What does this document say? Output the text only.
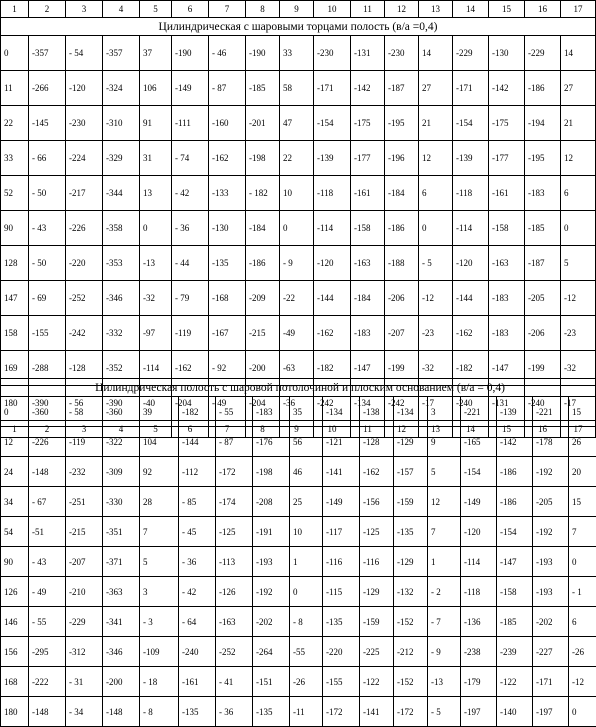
1	2	3	4	5	6	7	8	9	10	11	12	13	14	15	16	17
Цилиндрическая с шаровыми торцами полость (в/а =0,4)																
0	-357	- 54	-357	37	-190	- 46	-190	33	-230	-131	-230	14	-229	-130	-229	14
11	-266	-120	-324	106	-149	- 87	-185	58	-171	-142	-187	27	-171	-142	-186	27
22	-145	-230	-310	91	-111	-160	-201	47	-154	-175	-195	21	-154	-175	-194	21
33	- 66	-224	-329	31	- 74	-162	-198	22	-139	-177	-196	12	-139	-177	-195	12
52	- 50	-217	-344	13	- 42	-133	- 182	10	-118	-161	-184	6	-118	-161	-183	6
90	- 43	-226	-358	0	- 36	-130	-184	0	-114	-158	-186	0	-114	-158	-185	0
128	- 50	-220	-353	-13	- 44	-135	-186	- 9	-120	-163	-188	- 5	-120	-163	-187	5
147	- 69	-252	-346	-32	- 79	-168	-209	-22	-144	-184	-206	-12	-144	-183	-205	-12
158	-155	-242	-332	-97	-119	-167	-215	-49	-162	-183	-207	-23	-162	-183	-206	-23
169	-288	-128	-352	-114	-162	- 92	-200	-63	-182	-147	-199	-32	-182	-147	-199	-32
180	-390	- 56	-390	-40	-204	- 49	-204	-36	-242	-134	-242	-17	-240	-131	-240	-17
1	2	3	4	5	6	7	8	9	10	11	12	13	14	15	16	17
Цилиндрическая полость с шаровой потолочиной и плоским основанием (в/а = 0,4)																
0	-360	- 58	-360	39	-182	- 55	-183	35	-134	-138	-134	3	-221	-139	-221	15
12	-226	-119	-322	104	-144	- 87	-176	56	-121	-128	-129	9	-165	-142	-178	26
24	-148	-232	-309	92	-112	-172	-198	46	-141	-162	-157	5	-154	-186	-192	20
34	- 67	-251	-330	28	- 85	-174	-208	25	-149	-156	-159	12	-149	-186	-205	15
54	-51	-215	-351	7	- 45	-125	-191	10	-117	-125	-135	7	-120	-154	-192	7
90	- 43	-207	-371	5	- 36	-113	-193	1	-116	-116	-129	1	-114	-147	-193	0
126	- 49	-210	-363	3	- 42	-126	-192	0	-115	-129	-132	- 2	-118	-158	-193	- 1
146	- 55	-229	-341	- 3	- 64	-163	-202	- 8	-135	-159	-152	- 7	-136	-185	-202	6
156	-295	-312	-346	-109	-240	-252	-264	-55	-220	-225	-212	- 9	-238	-239	-227	-26
168	-222	- 31	-200	- 18	-161	- 41	-151	-26	-155	-122	-152	-13	-179	-122	-171	-12
180	-148	- 34	-148	- 8	-135	- 36	-135	-11	-172	-141	-172	- 5	-197	-140	-197	0
